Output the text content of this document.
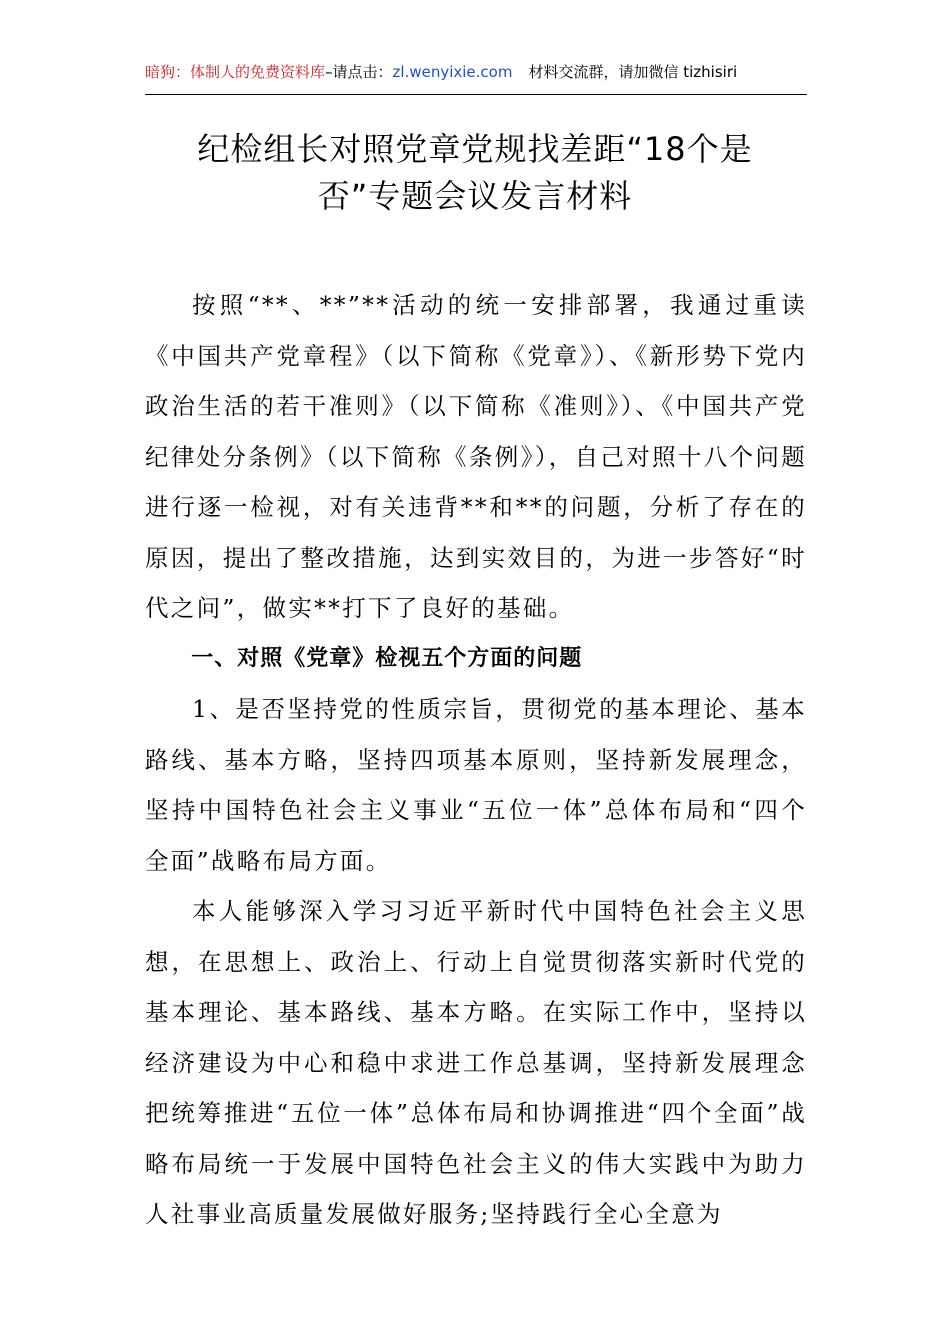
暗狗：体制人的免费资料库 –请点击： zl.wenyixie.com 材料交流群，请加微信 tizhisiri
纪检组长对照党章党规找差距“18个是
否”专题会议发言材料

按照“**、**”**活动的统一安排部署，我通过重读《中国共产党章程》（以下简称《党章》）、《新形势下党内政治生活的若干准则》（以下简称《准则》）、《中国共产党纪律处分条例》（以下简称《条例》），自己对照十八个问题进行逐一检视，对有关违背**和**的问题，分析了存在的原因，提出了整改措施，达到实效目的，为进一步答好“时代之问”，做实**打下了良好的基础。

一、对照《党章》检视五个方面的问题

1、是否坚持党的性质宗旨，贯彻党的基本理论、基本路线、基本方略，坚持四项基本原则，坚持新发展理念，坚持中国特色社会主义事业“五位一体”总体布局和“四个全面”战略布局方面。

本人能够深入学习习近平新时代中国特色社会主义思想，在思想上、政治上、行动上自觉贯彻落实新时代党的基本理论、基本路线、基本方略。在实际工作中，坚持以经济建设为中心和稳中求进工作总基调，坚持新发展理念 把统筹推进“五位一体”总体布局和协调推进“四个全面”战略布局统一于发展中国特色社会主义的伟大实践中为助力人社事业高质量发展做好服务;坚持践行全心全意为
